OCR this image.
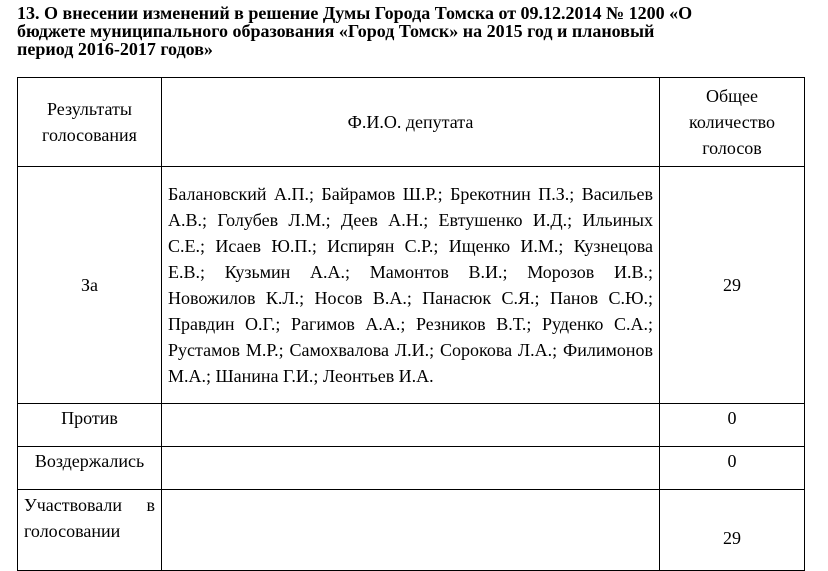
13. О внесении изменений в решение Думы Города Томска от 09.12.2014 № 1200 «О
бюджете муниципального образования «Город Томск» на 2015 год и плановый
период 2016-2017 годов»
Результаты голосования	Ф.И.О. депутата	Общее количество голосов
За	Балановский А.П.; Байрамов Ш.Р.; Брекотнин П.З.; Васильев А.В.; Голубев Л.М.; Деев А.Н.; Евтушенко И.Д.; Ильиных С.Е.; Исаев Ю.П.; Испирян С.Р.; Ищенко И.М.; Кузнецова Е.В.; Кузьмин А.А.; Мамонтов В.И.; Морозов И.В.; Новожилов К.Л.; Носов В.А.; Панасюк С.Я.; Панов С.Ю.; Правдин О.Г.; Рагимов А.А.; Резников В.Т.; Руденко С.А.; Рустамов М.Р.; Самохвалова Л.И.; Сорокова Л.А.; Филимонов М.А.; Шанина Г.И.; Леонтьев И.А.	29
Против		0
Воздержались		0
Участвовали в голосовании		29
